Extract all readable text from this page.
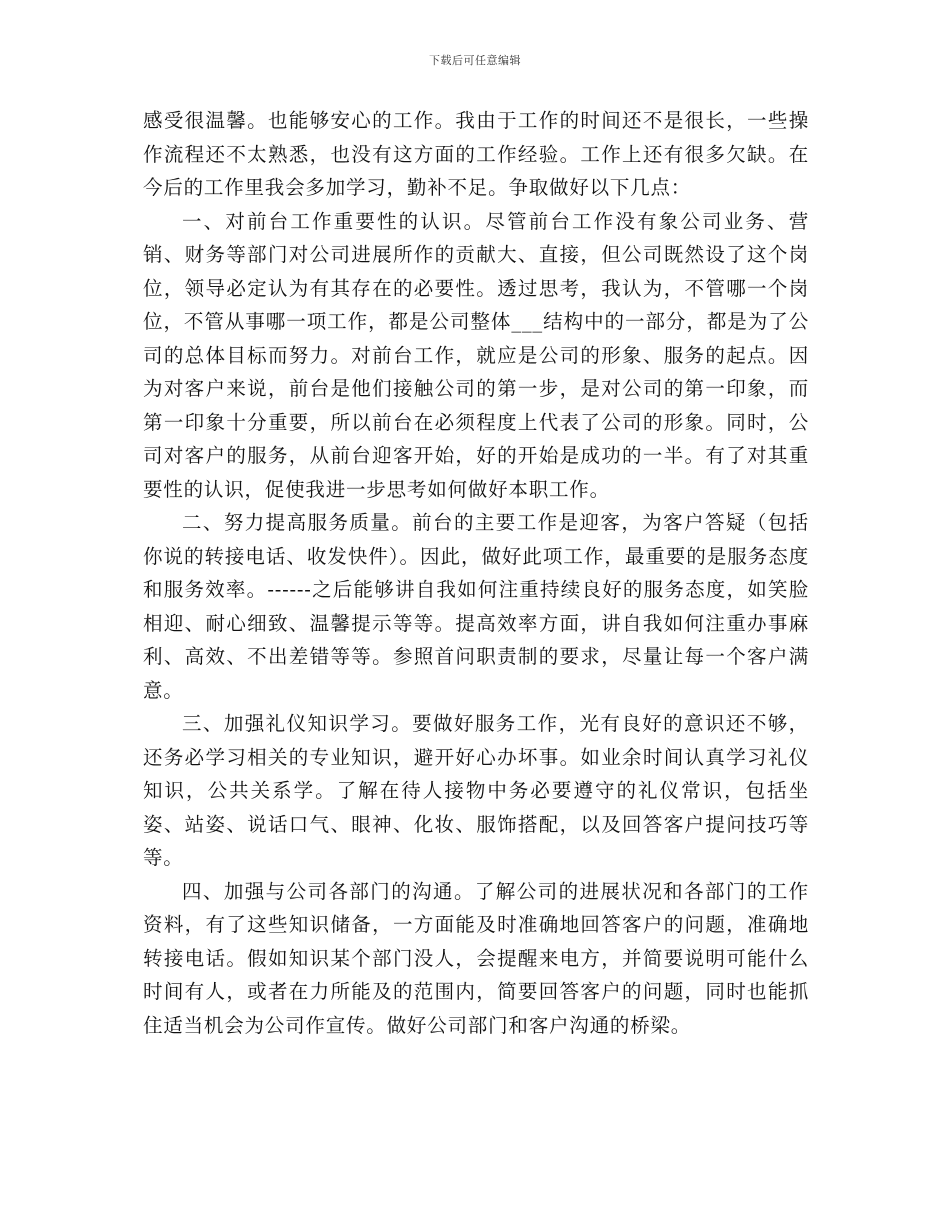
下载后可任意编辑

感受很温馨。也能够安心的工作。我由于工作的时间还不是很长，一些操作流程还不太熟悉，也没有这方面的工作经验。工作上还有很多欠缺。在今后的工作里我会多加学习，勤补不足。争取做好以下几点：

一、对前台工作重要性的认识。尽管前台工作没有象公司业务、营销、财务等部门对公司进展所作的贡献大、直接，但公司既然设了这个岗位，领导必定认为有其存在的必要性。透过思考，我认为，不管哪一个岗位，不管从事哪一项工作，都是公司整体___结构中的一部分，都是为了公司的总体目标而努力。对前台工作，就应是公司的形象、服务的起点。因为对客户来说，前台是他们接触公司的第一步，是对公司的第一印象，而第一印象十分重要，所以前台在必须程度上代表了公司的形象。同时，公司对客户的服务，从前台迎客开始，好的开始是成功的一半。有了对其重要性的认识，促使我进一步思考如何做好本职工作。

二、努力提高服务质量。前台的主要工作是迎客，为客户答疑（包括你说的转接电话、收发快件）。因此，做好此项工作，最重要的是服务态度和服务效率。------之后能够讲自我如何注重持续良好的服务态度，如笑脸相迎、耐心细致、温馨提示等等。提高效率方面，讲自我如何注重办事麻利、高效、不出差错等等。参照首问职责制的要求，尽量让每一个客户满意。

三、加强礼仪知识学习。要做好服务工作，光有良好的意识还不够，还务必学习相关的专业知识，避开好心办坏事。如业余时间认真学习礼仪知识，公共关系学。了解在待人接物中务必要遵守的礼仪常识，包括坐姿、站姿、说话口气、眼神、化妆、服饰搭配，以及回答客户提问技巧等等。

四、加强与公司各部门的沟通。了解公司的进展状况和各部门的工作资料，有了这些知识储备，一方面能及时准确地回答客户的问题，准确地转接电话。假如知识某个部门没人，会提醒来电方，并简要说明可能什么时间有人，或者在力所能及的范围内，简要回答客户的问题，同时也能抓住适当机会为公司作宣传。做好公司部门和客户沟通的桥梁。
